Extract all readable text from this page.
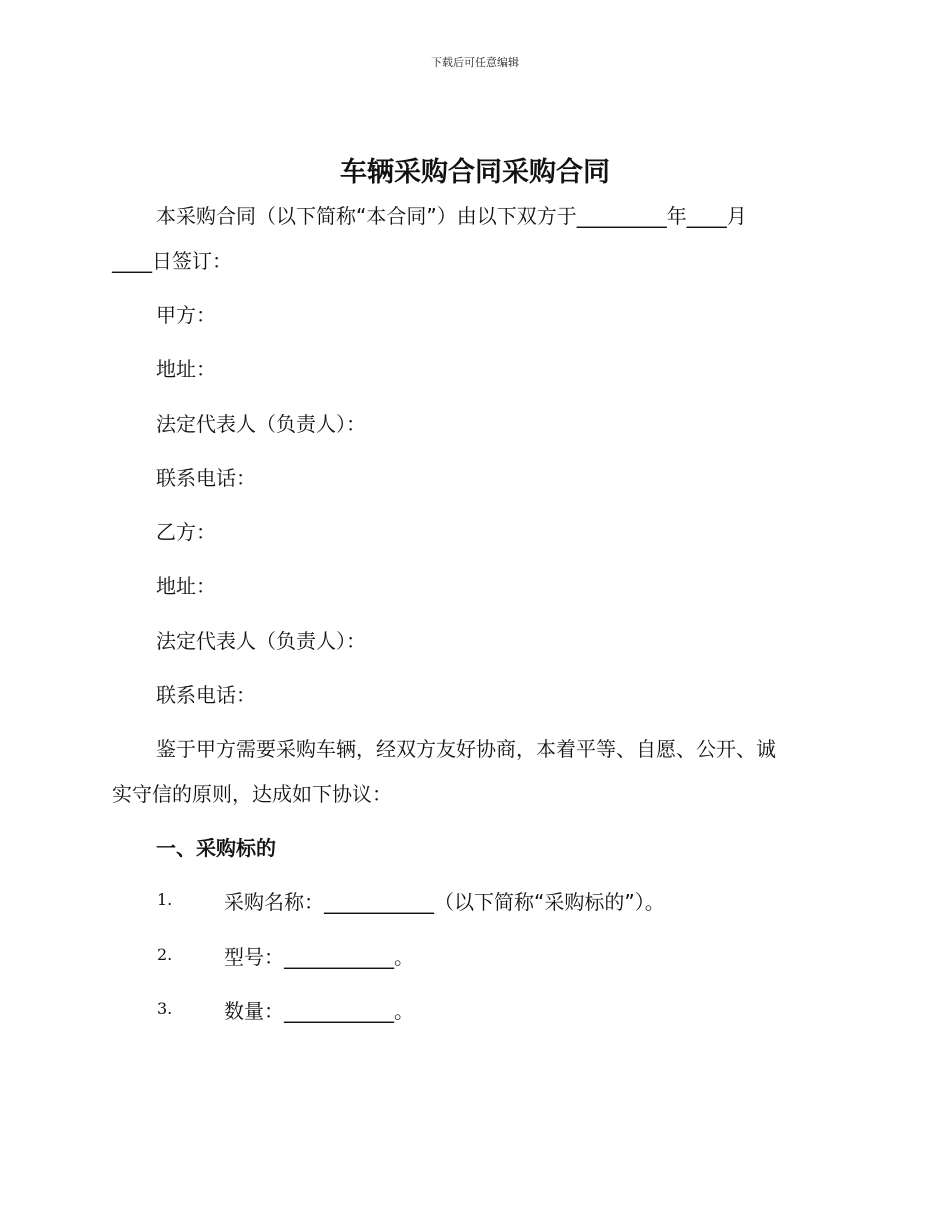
下载后可任意编辑
车辆采购合同采购合同
本采购合同（以下简称“本合同”）由以下双方于_________年____月
____日签订：
甲方：
地址：
法定代表人（负责人）：
联系电话：
乙方：
地址：
法定代表人（负责人）：
联系电话：
鉴于甲方需要采购车辆，经双方友好协商，本着平等、自愿、公开、诚
实守信的原则，达成如下协议：
一、采购标的
1.	采购名称：___________（以下简称“采购标的”）。
2.	型号：___________。
3.	数量：___________。
